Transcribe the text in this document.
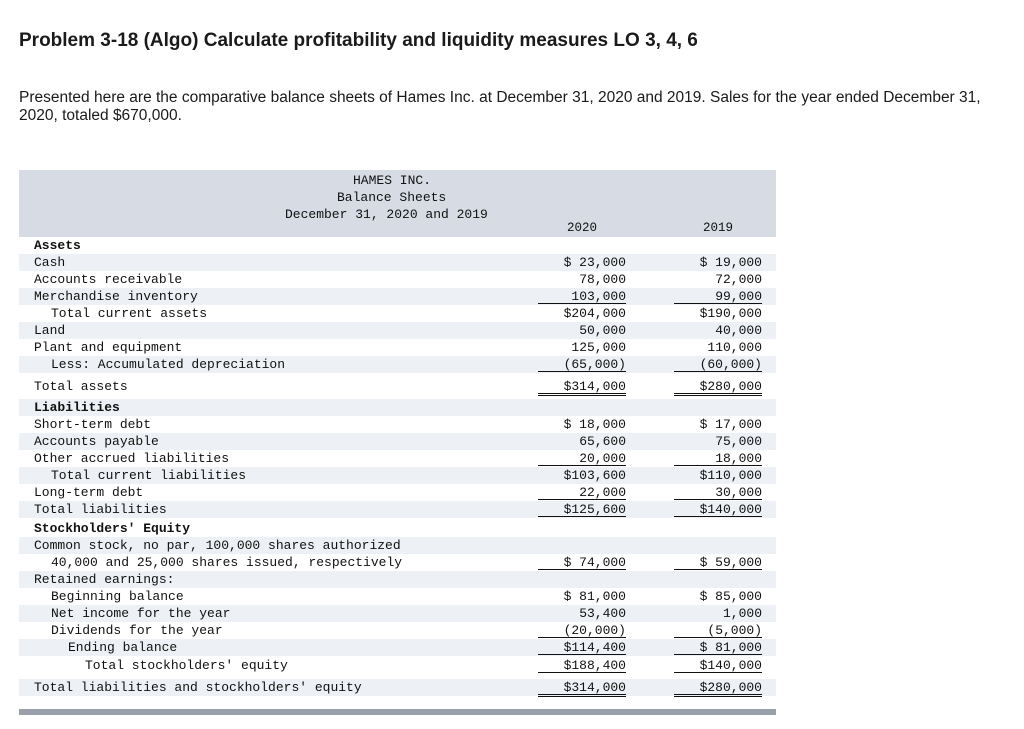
Problem 3-18 (Algo) Calculate profitability and liquidity measures LO 3, 4, 6

Presented here are the comparative balance sheets of Hames Inc. at December 31, 2020 and 2019. Sales for the year ended December 31, 2020, totaled $670,000.

HAMES INC.
Balance Sheets
December 31, 2020 and 2019
2020	2019
Assets
Cash	$ 23,000	$ 19,000
Accounts receivable	78,000	72,000
Merchandise inventory	103,000	99,000
Total current assets	$204,000	$190,000
Land	50,000	40,000
Plant and equipment	125,000	110,000
Less: Accumulated depreciation	(65,000)	(60,000)
Total assets	$314,000	$280,000
Liabilities
Short-term debt	$ 18,000	$ 17,000
Accounts payable	65,600	75,000
Other accrued liabilities	20,000	18,000
Total current liabilities	$103,600	$110,000
Long-term debt	22,000	30,000
Total liabilities	$125,600	$140,000
Stockholders' Equity
Common stock, no par, 100,000 shares authorized
40,000 and 25,000 shares issued, respectively	$ 74,000	$ 59,000
Retained earnings:
Beginning balance	$ 81,000	$ 85,000
Net income for the year	53,400	1,000
Dividends for the year	(20,000)	(5,000)
Ending balance	$114,400	$ 81,000
Total stockholders' equity	$188,400	$140,000
Total liabilities and stockholders' equity	$314,000	$280,000
